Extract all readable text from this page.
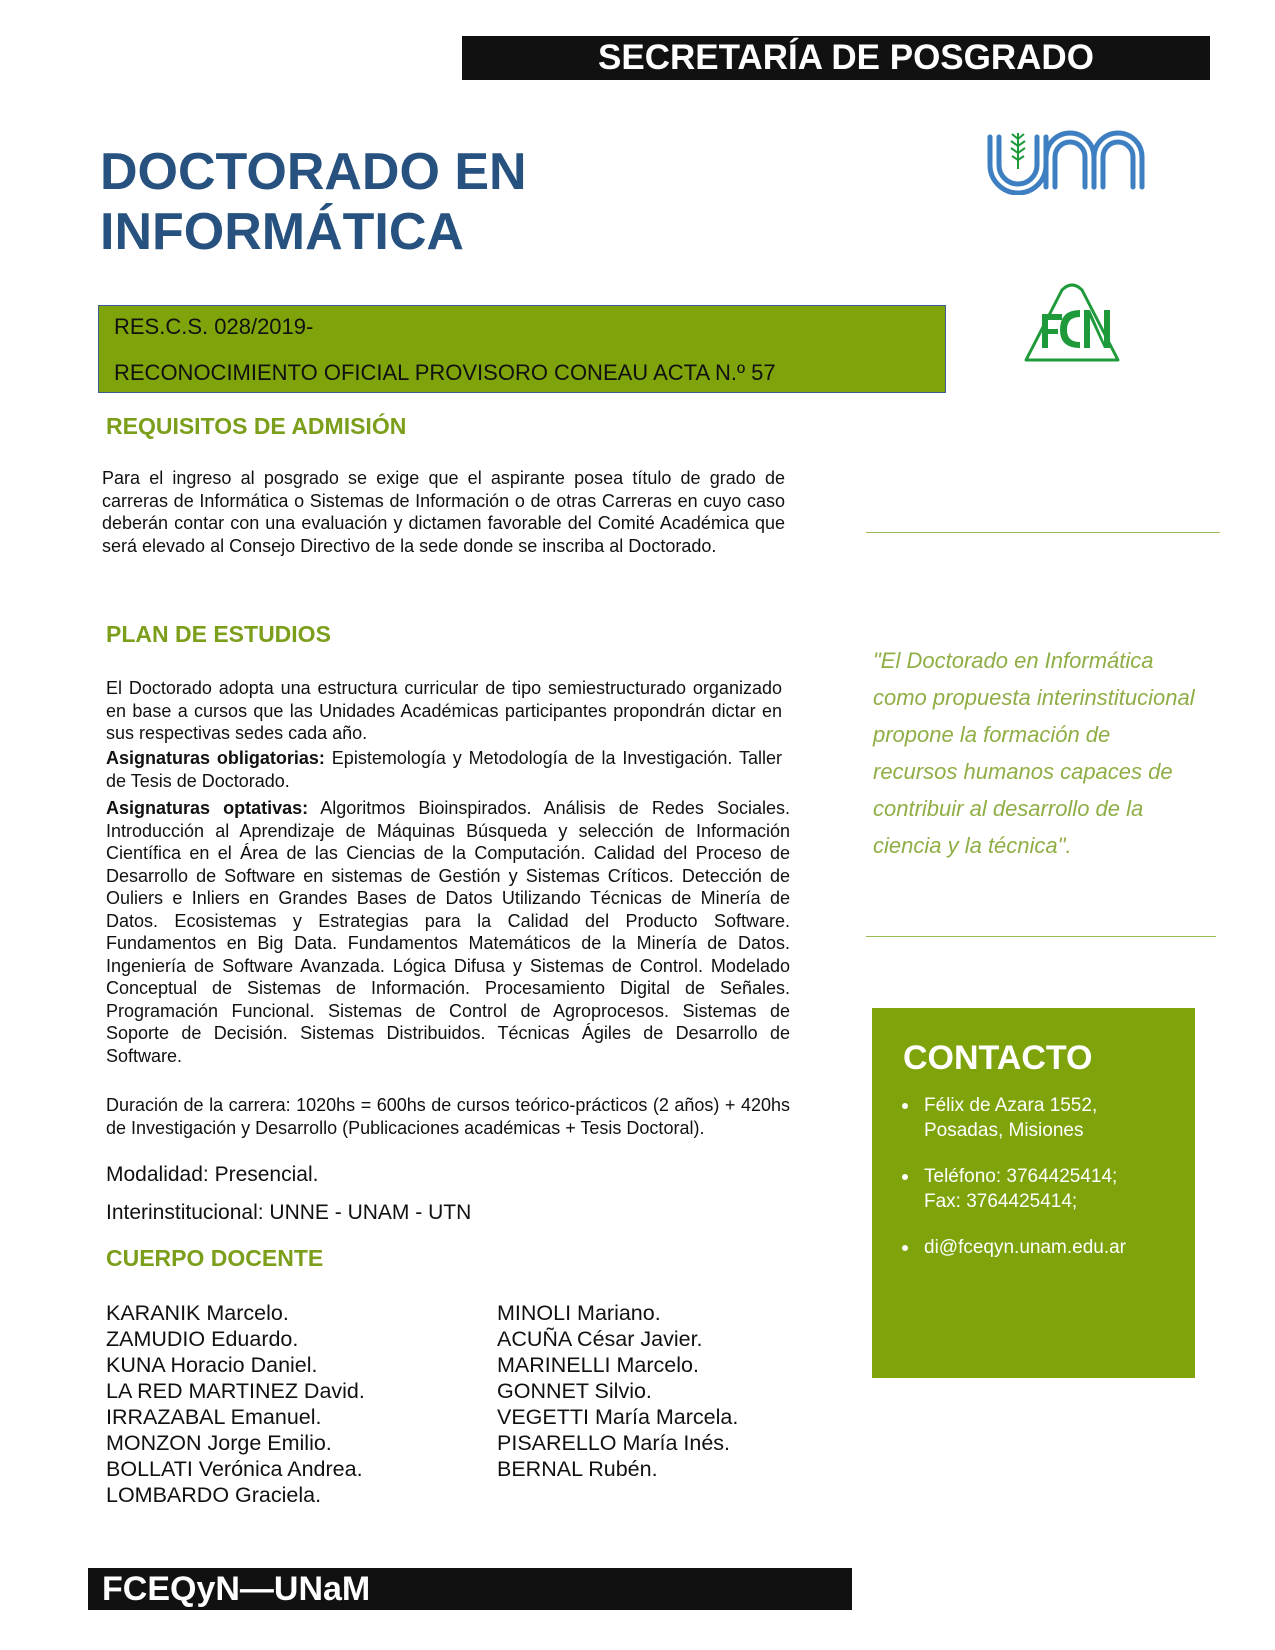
SECRETARÍA DE POSGRADO
DOCTORADO EN
INFORMÁTICA
RES.C.S. 028/2019-
RECONOCIMIENTO OFICIAL PROVISORO CONEAU ACTA N.º 57
REQUISITOS DE ADMISIÓN

Para el ingreso al posgrado se exige que el aspirante posea título de grado de carreras de Informática o Sistemas de Información o de otras Carreras en cuyo caso deberán contar con una evaluación y dictamen favorable del Comité Académica que será elevado al Consejo Directivo de la sede donde se inscriba al Doctorado.

PLAN DE ESTUDIOS

El Doctorado adopta una estructura curricular de tipo semiestructurado organizado en base a cursos que las Unidades Académicas participantes propondrán dictar en sus respectivas sedes cada año.

Asignaturas obligatorias: Epistemología y Metodología de la Investigación. Taller de Tesis de Doctorado.

Asignaturas optativas: Algoritmos Bioinspirados. Análisis de Redes Sociales. Introducción al Aprendizaje de Máquinas Búsqueda y selección de Información Científica en el Área de las Ciencias de la Computación. Calidad del Proceso de Desarrollo de Software en sistemas de Gestión y Sistemas Críticos. Detección de Ouliers e Inliers en Grandes Bases de Datos Utilizando Técnicas de Minería de Datos. Ecosistemas y Estrategias para la Calidad del Producto Software. Fundamentos en Big Data. Fundamentos Matemáticos de la Minería de Datos. Ingeniería de Software Avanzada. Lógica Difusa y Sistemas de Control. Modelado Conceptual de Sistemas de Información. Procesamiento Digital de Señales. Programación Funcional. Sistemas de Control de Agroprocesos. Sistemas de Soporte de Decisión. Sistemas Distribuidos. Técnicas Ágiles de Desarrollo de Software.

Duración de la carrera: 1020hs = 600hs de cursos teórico-prácticos (2 años) + 420hs de Investigación y Desarrollo (Publicaciones académicas + Tesis Doctoral).

Modalidad: Presencial.
Interinstitucional: UNNE - UNAM - UTN
CUERPO DOCENTE
KARANIK Marcelo.
ZAMUDIO Eduardo.
KUNA Horacio Daniel.
LA RED MARTINEZ David.
IRRAZABAL Emanuel.
MONZON Jorge Emilio.
BOLLATI Verónica Andrea.
LOMBARDO Graciela.
MINOLI Mariano.
ACUÑA César Javier.
MARINELLI Marcelo.
GONNET Silvio.
VEGETTI María Marcela.
PISARELLO María Inés.
BERNAL Rubén.

"El Doctorado en Informática
como propuesta interinstitucional
propone la formación de
recursos humanos capaces de
contribuir al desarrollo de la
ciencia y la técnica".

CONTACTO
Félix de Azara 1552,
Posadas, Misiones
Teléfono: 3764425414;
Fax: 3764425414;
di@fceqyn.unam.edu.ar
FCEQyN—UNaM
